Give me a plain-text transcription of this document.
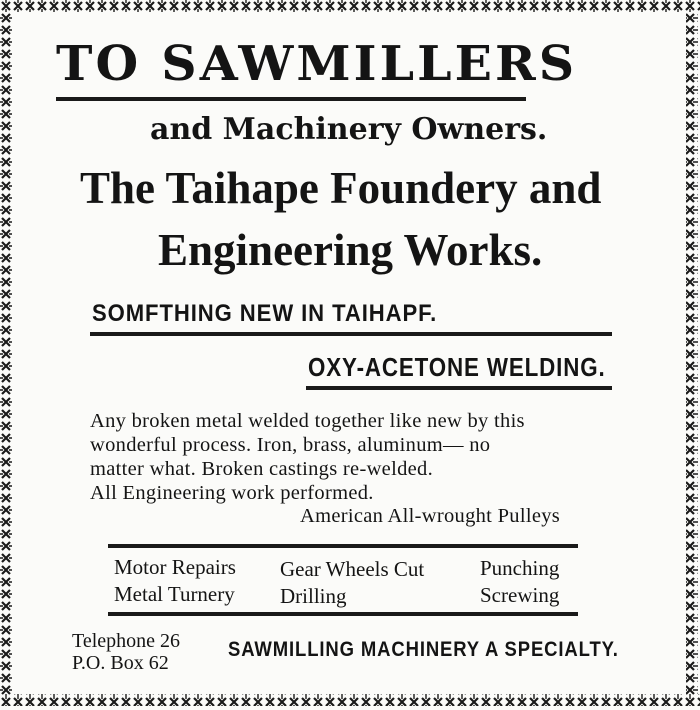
TO SAWMILLERS
and Machinery Owners.
The Taihape Foundery and
Engineering Works.
SOMFTHING NEW IN TAIHAPF.
OXY-ACETONE WELDING.
Any broken metal welded together like new by this
wonderful process. Iron, brass, aluminum— no
matter what. Broken castings re-welded.
All Engineering work performed.
American All-wrought Pulleys
Motor Repairs
Metal Turnery
Gear Wheels Cut
Drilling
Punching
Screwing
Telephone 26
P.O. Box 62
SAWMILLING MACHINERY A SPECIALTY.
